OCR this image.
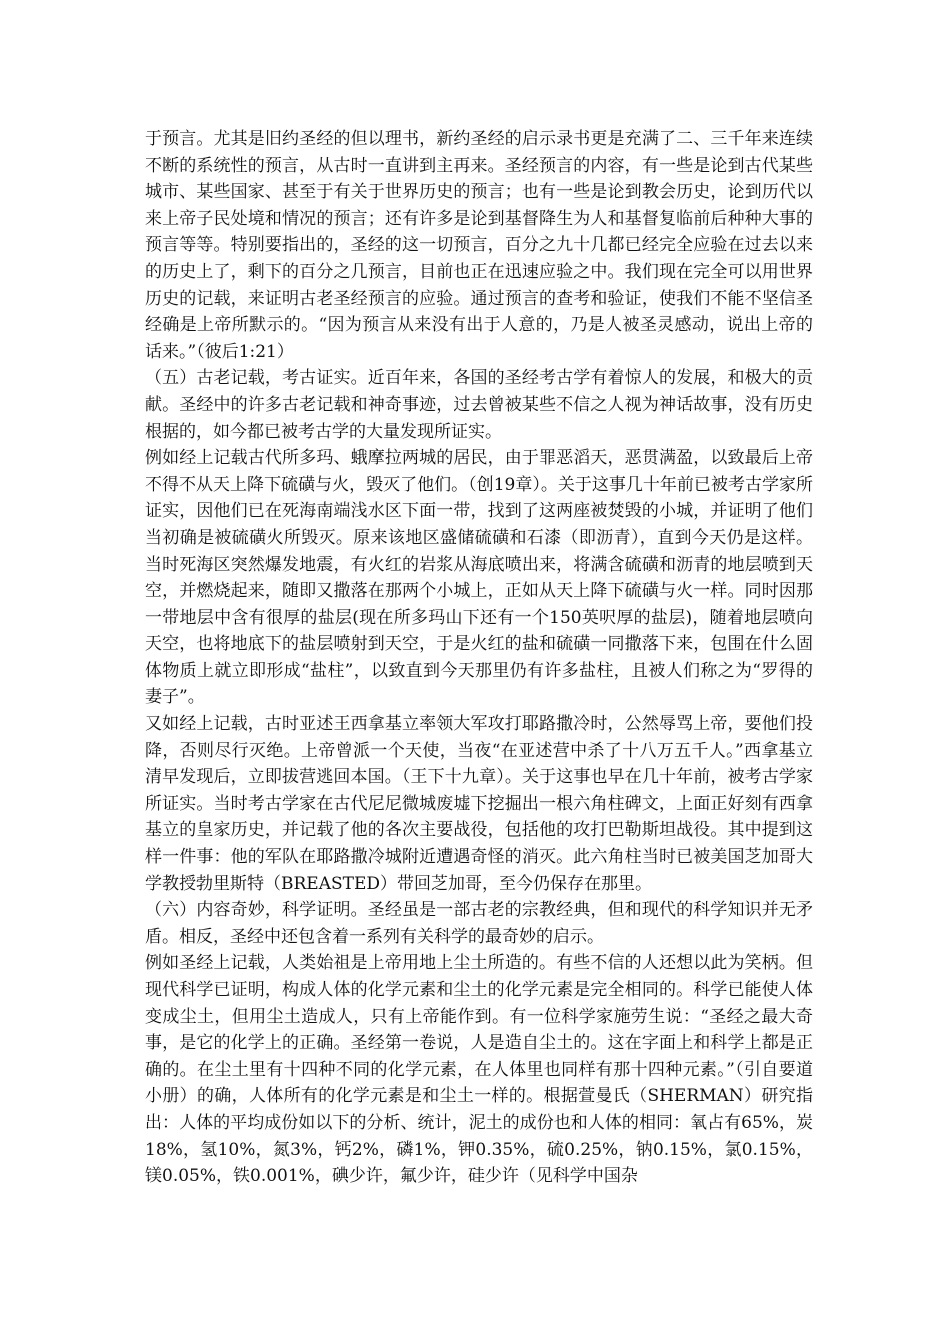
于预言。尤其是旧约圣经的但以理书，新约圣经的启示录书更是充满了二、三千年来连续不断的系统性的预言，从古时一直讲到主再来。圣经预言的内容，有一些是论到古代某些城市、某些国家、甚至于有关于世界历史的预言；也有一些是论到教会历史，论到历代以来上帝子民处境和情况的预言；还有许多是论到基督降生为人和基督复临前后种种大事的预言等等。特别要指出的，圣经的这一切预言，百分之九十几都已经完全应验在过去以来的历史上了，剩下的百分之几预言，目前也正在迅速应验之中。我们现在完全可以用世界历史的记载，来证明古老圣经预言的应验。通过预言的查考和验证，使我们不能不坚信圣经确是上帝所默示的。“因为预言从来没有出于人意的，乃是人被圣灵感动，说出上帝的话来。”（彼后1:21）

（五）古老记载，考古证实。近百年来，各国的圣经考古学有着惊人的发展，和极大的贡献。圣经中的许多古老记载和神奇事迹，过去曾被某些不信之人视为神话故事，没有历史根据的，如今都已被考古学的大量发现所证实。

例如经上记载古代所多玛、蛾摩拉两城的居民，由于罪恶滔天，恶贯满盈，以致最后上帝不得不从天上降下硫磺与火，毁灭了他们。（创19章）。关于这事几十年前已被考古学家所证实，因他们已在死海南端浅水区下面一带，找到了这两座被焚毁的小城，并证明了他们当初确是被硫磺火所毁灭。原来该地区盛储硫磺和石漆（即沥青），直到今天仍是这样。当时死海区突然爆发地震，有火红的岩浆从海底喷出来，将满含硫磺和沥青的地层喷到天空，并燃烧起来，随即又撒落在那两个小城上，正如从天上降下硫磺与火一样。同时因那一带地层中含有很厚的盐层(现在所多玛山下还有一个150英呎厚的盐层)，随着地层喷向天空，也将地底下的盐层喷射到天空，于是火红的盐和硫磺一同撒落下来，包围在什么固体物质上就立即形成“盐柱”，以致直到今天那里仍有许多盐柱，且被人们称之为“罗得的妻子”。

又如经上记载，古时亚述王西拿基立率领大军攻打耶路撒冷时，公然辱骂上帝，要他们投降，否则尽行灭绝。上帝曾派一个天使，当夜“在亚述营中杀了十八万五千人。”西拿基立清早发现后，立即拔营逃回本国。（王下十九章）。关于这事也早在几十年前，被考古学家所证实。当时考古学家在古代尼尼微城废墟下挖掘出一根六角柱碑文，上面正好刻有西拿基立的皇家历史，并记载了他的各次主要战役，包括他的攻打巴勒斯坦战役。其中提到这样一件事：他的军队在耶路撒冷城附近遭遇奇怪的消灭。此六角柱当时已被美国芝加哥大学教授勃里斯特（BREASTED）带回芝加哥，至今仍保存在那里。

（六）内容奇妙，科学证明。圣经虽是一部古老的宗教经典，但和现代的科学知识并无矛盾。相反，圣经中还包含着一系列有关科学的最奇妙的启示。

例如圣经上记载，人类始祖是上帝用地上尘土所造的。有些不信的人还想以此为笑柄。但现代科学已证明，构成人体的化学元素和尘土的化学元素是完全相同的。科学已能使人体变成尘土，但用尘土造成人，只有上帝能作到。有一位科学家施劳生说：“圣经之最大奇事，是它的化学上的正确。圣经第一卷说，人是造自尘土的。这在字面上和科学上都是正确的。在尘土里有十四种不同的化学元素，在人体里也同样有那十四种元素。”（引自要道小册）的确，人体所有的化学元素是和尘土一样的。根据萱曼氏（SHERMAN）研究指出：人体的平均成份如以下的分析、统计，泥土的成份也和人体的相同：氧占有65%，炭18%，氢10%，氮3%，钙2%，磷1%，钾0.35%，硫0.25%，钠0.15%，氯0.15%，镁0.05%，铁0.001%，碘少许，氟少许，硅少许（见科学中国杂
